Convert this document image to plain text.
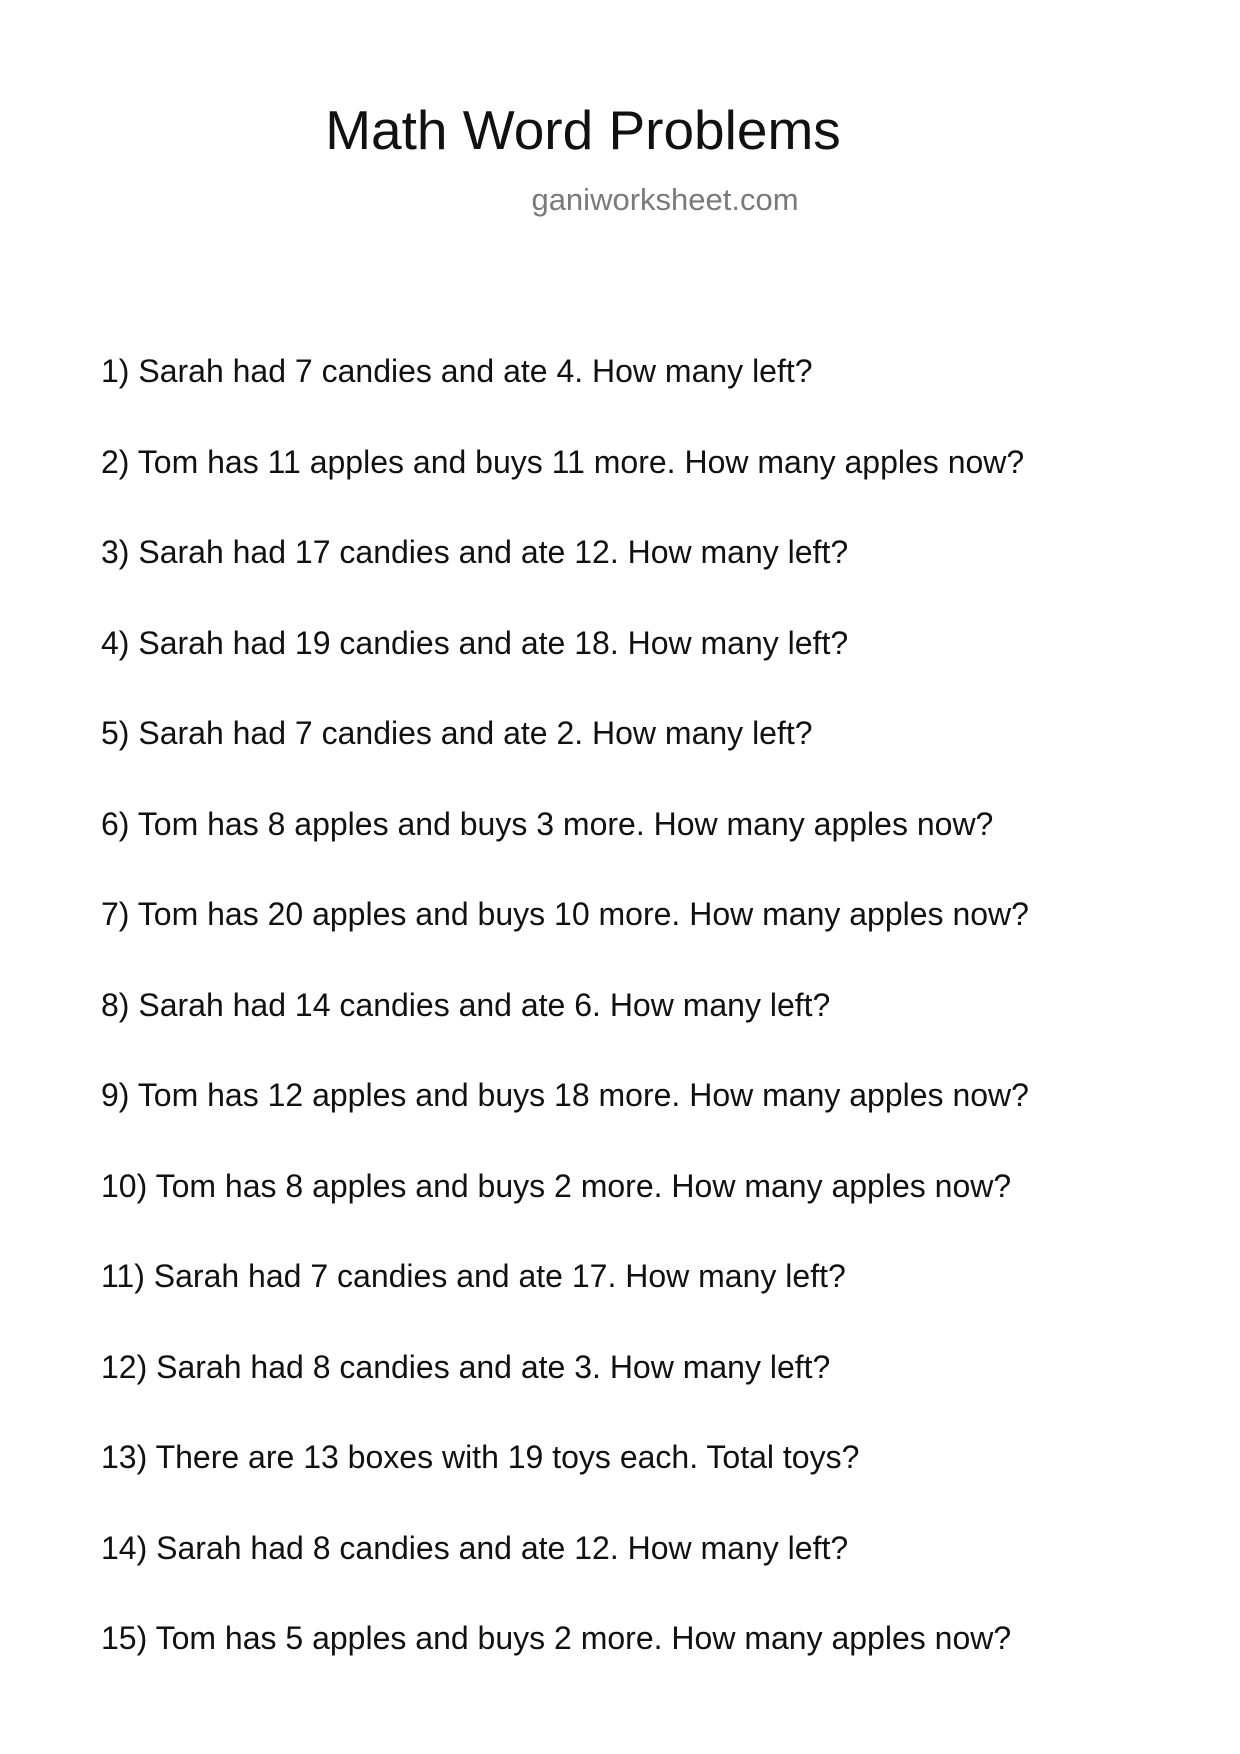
Math Word Problems

ganiworksheet.com

1) Sarah had 7 candies and ate 4. How many left?
2) Tom has 11 apples and buys 11 more. How many apples now?
3) Sarah had 17 candies and ate 12. How many left?
4) Sarah had 19 candies and ate 18. How many left?
5) Sarah had 7 candies and ate 2. How many left?
6) Tom has 8 apples and buys 3 more. How many apples now?
7) Tom has 20 apples and buys 10 more. How many apples now?
8) Sarah had 14 candies and ate 6. How many left?
9) Tom has 12 apples and buys 18 more. How many apples now?
10) Tom has 8 apples and buys 2 more. How many apples now?
11) Sarah had 7 candies and ate 17. How many left?
12) Sarah had 8 candies and ate 3. How many left?
13) There are 13 boxes with 19 toys each. Total toys?
14) Sarah had 8 candies and ate 12. How many left?
15) Tom has 5 apples and buys 2 more. How many apples now?
